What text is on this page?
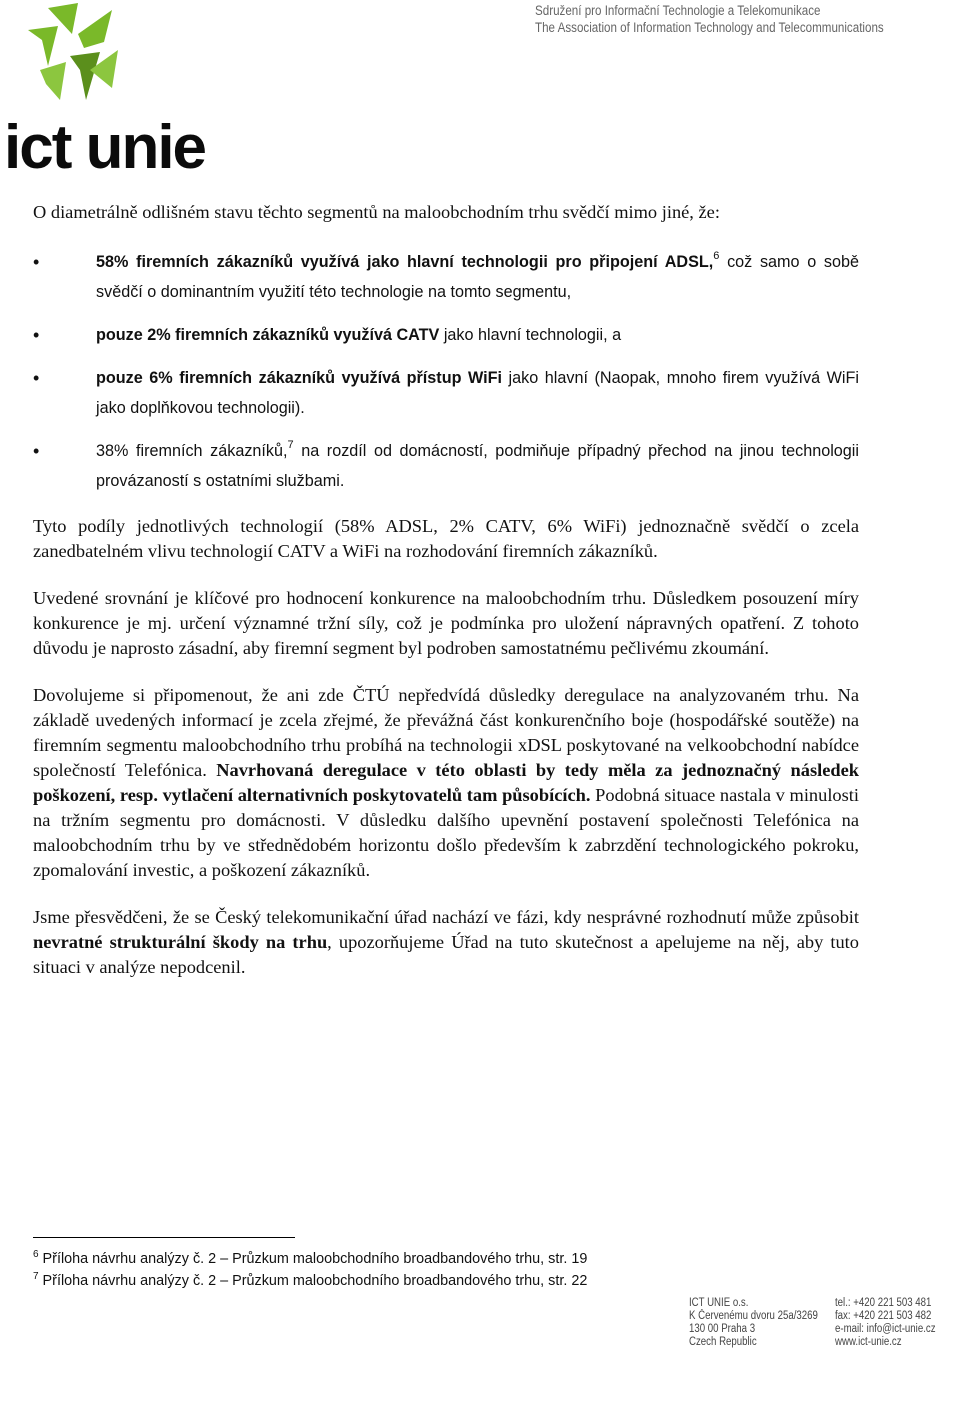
ict unie
Sdružení pro Informační Technologie a Telekomunikace
The Association of Information Technology and Telecommunications

O diametrálně odlišném stavu těchto segmentů na maloobchodním trhu svědčí mimo jiné, že:

•	58% firemních zákazníků využívá jako hlavní technologii pro připojení ADSL,$^6$ což samo o sobě svědčí o dominantním využití této technologie na tomto segmentu,
•	pouze 2% firemních zákazníků využívá CATV jako hlavní technologii, a
•	pouze 6% firemních zákazníků využívá přístup WiFi jako hlavní (Naopak, mnoho firem využívá WiFi jako doplňkovou technologii).
•	38% firemních zákazníků,$^7$ na rozdíl od domácností, podmiňuje případný přechod na jinou technologii provázaností s ostatními službami.

Tyto podíly jednotlivých technologií (58% ADSL, 2% CATV, 6% WiFi) jednoznačně svědčí o zcela zanedbatelném vlivu technologií CATV a WiFi na rozhodování firemních zákazníků.

Uvedené srovnání je klíčové pro hodnocení konkurence na maloobchodním trhu. Důsledkem posouzení míry konkurence je mj. určení významné tržní síly, což je podmínka pro uložení nápravných opatření. Z tohoto důvodu je naprosto zásadní, aby firemní segment byl podroben samostatnému pečlivému zkoumání.

Dovolujeme si připomenout, že ani zde ČTÚ nepředvídá důsledky deregulace na analyzovaném trhu. Na základě uvedených informací je zcela zřejmé, že převážná část konkurenčního boje (hospodářské soutěže) na firemním segmentu maloobchodního trhu probíhá na technologii xDSL poskytované na velkoobchodní nabídce společností Telefónica. Navrhovaná deregulace v této oblasti by tedy měla za jednoznačný následek poškození, resp. vytlačení alternativních poskytovatelů tam působících. Podobná situace nastala v minulosti na tržním segmentu pro domácnosti. V důsledku dalšího upevnění postavení společnosti Telefónica na maloobchodním trhu by ve střednědobém horizontu došlo především k zabrzdění technologického pokroku, zpomalování investic, a poškození zákazníků.

Jsme přesvědčeni, že se Český telekomunikační úřad nachází ve fázi, kdy nesprávné rozhodnutí může způsobit nevratné strukturální škody na trhu, upozorňujeme Úřad na tuto skutečnost a apelujeme na něj, aby tuto situaci v analýze nepodcenil.

$^6$ Příloha návrhu analýzy č. 2 – Průzkum maloobchodního broadbandového trhu, str. 19
$^7$ Příloha návrhu analýzy č. 2 – Průzkum maloobchodního broadbandového trhu, str. 22
ICT UNIE o.s.
K Červenému dvoru 25a/3269
130 00 Praha 3
Czech Republic
tel.: +420 221 503 481
fax: +420 221 503 482
e-mail: info@ict-unie.cz
www.ict-unie.cz
